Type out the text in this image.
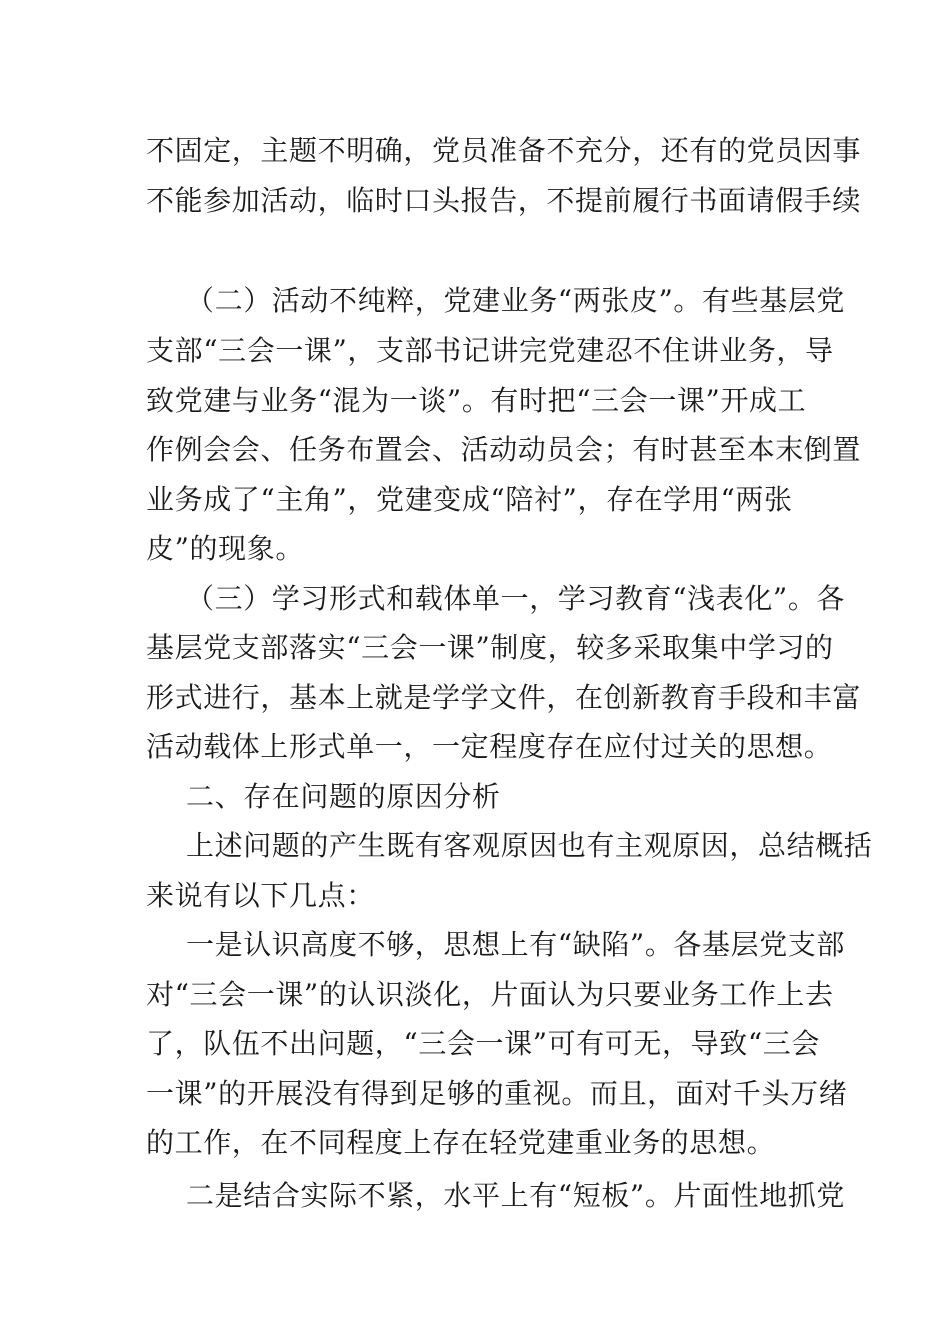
不固定，主题不明确，党员准备不充分，还有的党员因事
不能参加活动，临时口头报告，不提前履行书面请假手续
（二）活动不纯粹，党建业务“两张皮”。有些基层党
支部“三会一课”，支部书记讲完党建忍不住讲业务，导
致党建与业务“混为一谈”。有时把“三会一课”开成工
作例会会、任务布置会、活动动员会；有时甚至本末倒置
业务成了“主角”，党建变成“陪衬”，存在学用“两张
皮”的现象。
（三）学习形式和载体单一，学习教育“浅表化”。各
基层党支部落实“三会一课”制度，较多采取集中学习的
形式进行，基本上就是学学文件，在创新教育手段和丰富
活动载体上形式单一，一定程度存在应付过关的思想。
二、存在问题的原因分析
上述问题的产生既有客观原因也有主观原因，总结概括
来说有以下几点：
一是认识高度不够，思想上有“缺陷”。各基层党支部
对“三会一课”的认识淡化，片面认为只要业务工作上去
了，队伍不出问题，“三会一课”可有可无，导致“三会
一课”的开展没有得到足够的重视。而且，面对千头万绪
的工作，在不同程度上存在轻党建重业务的思想。
二是结合实际不紧，水平上有“短板”。片面性地抓党
